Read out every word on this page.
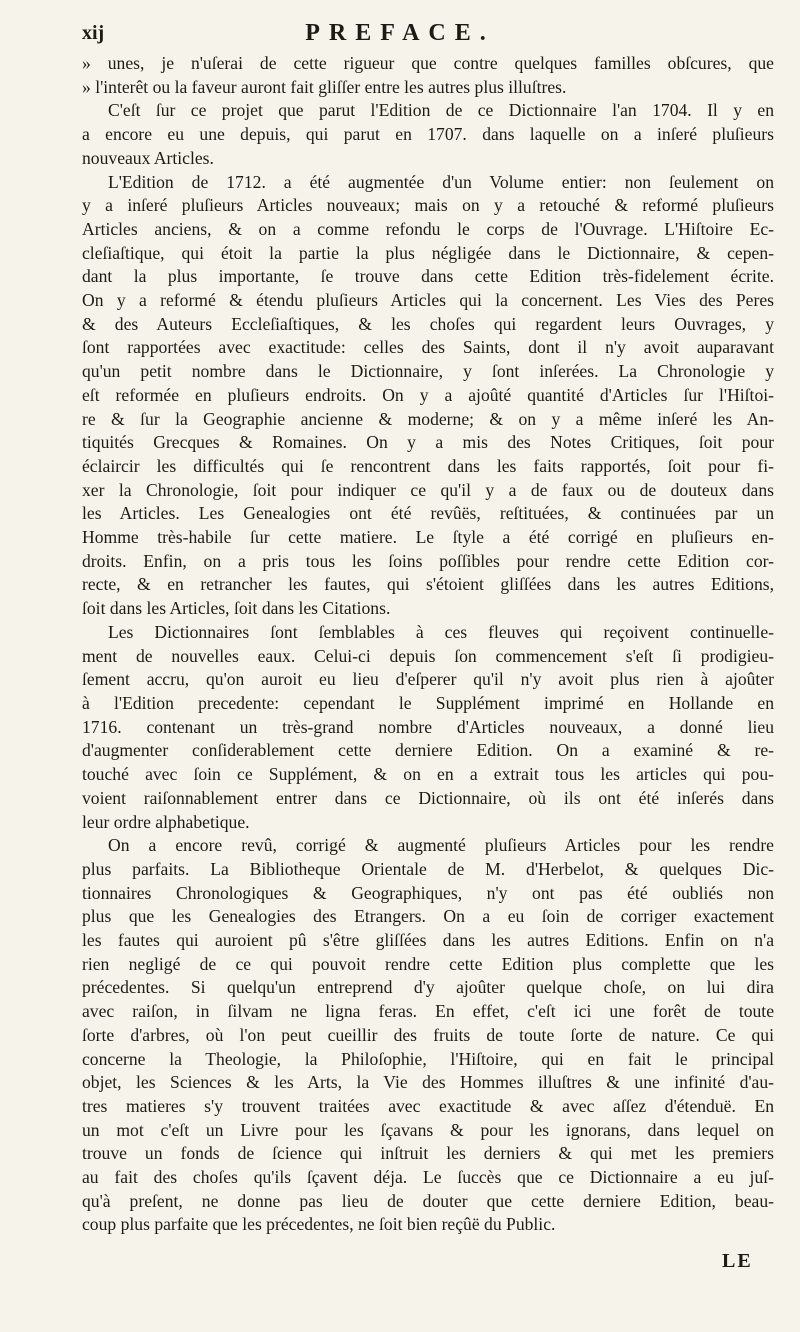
xij	PREFACE.
» unes, je n'uſerai de cette rigueur que contre quelques familles obſcures, que
» l'interêt ou la faveur auront fait gliſſer entre les autres plus illuſtres.
C'eſt ſur ce projet que parut l'Edition de ce Dictionnaire l'an 1704. Il y en
a encore eu une depuis, qui parut en 1707. dans laquelle on a inſeré pluſieurs
nouveaux Articles.
L'Edition de 1712. a été augmentée d'un Volume entier: non ſeulement on
y a inſeré pluſieurs Articles nouveaux; mais on y a retouché & reformé pluſieurs
Articles anciens, & on a comme refondu le corps de l'Ouvrage. L'Hiſtoire Ec-
cleſiaſtique, qui étoit la partie la plus négligée dans le Dictionnaire, & cepen-
dant la plus importante, ſe trouve dans cette Edition très-fidelement écrite.
On y a reformé & étendu pluſieurs Articles qui la concernent. Les Vies des Peres
& des Auteurs Eccleſiaſtiques, & les choſes qui regardent leurs Ouvrages, y
ſont rapportées avec exactitude: celles des Saints, dont il n'y avoit auparavant
qu'un petit nombre dans le Dictionnaire, y ſont inſerées. La Chronologie y
eſt reformée en pluſieurs endroits. On y a ajoûté quantité d'Articles ſur l'Hiſtoi-
re & ſur la Geographie ancienne & moderne; & on y a même inſeré les An-
tiquités Grecques & Romaines. On y a mis des Notes Critiques, ſoit pour
éclaircir les difficultés qui ſe rencontrent dans les faits rapportés, ſoit pour fi-
xer la Chronologie, ſoit pour indiquer ce qu'il y a de faux ou de douteux dans
les Articles. Les Genealogies ont été revûës, reſtituées, & continuées par un
Homme très-habile ſur cette matiere. Le ſtyle a été corrigé en pluſieurs en-
droits. Enfin, on a pris tous les ſoins poſſibles pour rendre cette Edition cor-
recte, & en retrancher les fautes, qui s'étoient gliſſées dans les autres Editions,
ſoit dans les Articles, ſoit dans les Citations.
Les Dictionnaires ſont ſemblables à ces fleuves qui reçoivent continuelle-
ment de nouvelles eaux. Celui-ci depuis ſon commencement s'eſt ſi prodigieu-
ſement accru, qu'on auroit eu lieu d'eſperer qu'il n'y avoit plus rien à ajoûter
à l'Edition precedente: cependant le Supplément imprimé en Hollande en
1716. contenant un très-grand nombre d'Articles nouveaux, a donné lieu
d'augmenter conſiderablement cette derniere Edition. On a examiné & re-
touché avec ſoin ce Supplément, & on en a extrait tous les articles qui pou-
voient raiſonnablement entrer dans ce Dictionnaire, où ils ont été inſerés dans
leur ordre alphabetique.
On a encore revû, corrigé & augmenté pluſieurs Articles pour les rendre
plus parfaits. La Bibliotheque Orientale de M. d'Herbelot, & quelques Dic-
tionnaires Chronologiques & Geographiques, n'y ont pas été oubliés non
plus que les Genealogies des Etrangers. On a eu ſoin de corriger exactement
les fautes qui auroient pû s'être gliſſées dans les autres Editions. Enfin on n'a
rien negligé de ce qui pouvoit rendre cette Edition plus complette que les
précedentes. Si quelqu'un entreprend d'y ajoûter quelque choſe, on lui dira
avec raiſon, in ſilvam ne ligna feras. En effet, c'eſt ici une forêt de toute
ſorte d'arbres, où l'on peut cueillir des fruits de toute ſorte de nature. Ce qui
concerne la Theologie, la Philoſophie, l'Hiſtoire, qui en fait le principal
objet, les Sciences & les Arts, la Vie des Hommes illuſtres & une infinité d'au-
tres matieres s'y trouvent traitées avec exactitude & avec aſſez d'étenduë. En
un mot c'eſt un Livre pour les ſçavans & pour les ignorans, dans lequel on
trouve un fonds de ſcience qui inſtruit les derniers & qui met les premiers
au fait des choſes qu'ils ſçavent déja. Le ſuccès que ce Dictionnaire a eu juſ-
qu'à preſent, ne donne pas lieu de douter que cette derniere Edition, beau-
coup plus parfaite que les précedentes, ne ſoit bien reçûë du Public.
LE
